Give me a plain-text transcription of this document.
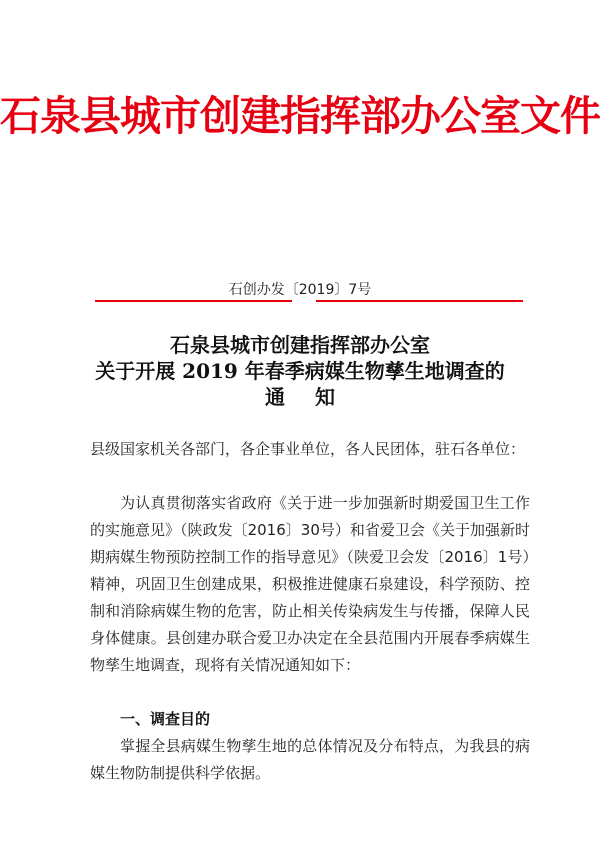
石泉县城市创建指挥部办公室文件
石创办发〔2019〕7号
石泉县城市创建指挥部办公室
关于开展 2019 年春季病媒生物孳生地调查的
通知
县级国家机关各部门，各企事业单位，各人民团体，驻石各单位：
为认真贯彻落实省政府《关于进一步加强新时期爱国卫生工作的实施意见》（陕政发〔2016〕30号）和省爱卫会《关于加强新时期病媒生物预防控制工作的指导意见》（陕爱卫会发〔2016〕1号）精神，巩固卫生创建成果，积极推进健康石泉建设，科学预防、控制和消除病媒生物的危害，防止相关传染病发生与传播，保障人民身体健康。县创建办联合爱卫办决定在全县范围内开展春季病媒生物孳生地调查，现将有关情况通知如下：
一、调查目的
掌握全县病媒生物孳生地的总体情况及分布特点，为我县的病媒生物防制提供科学依据。
